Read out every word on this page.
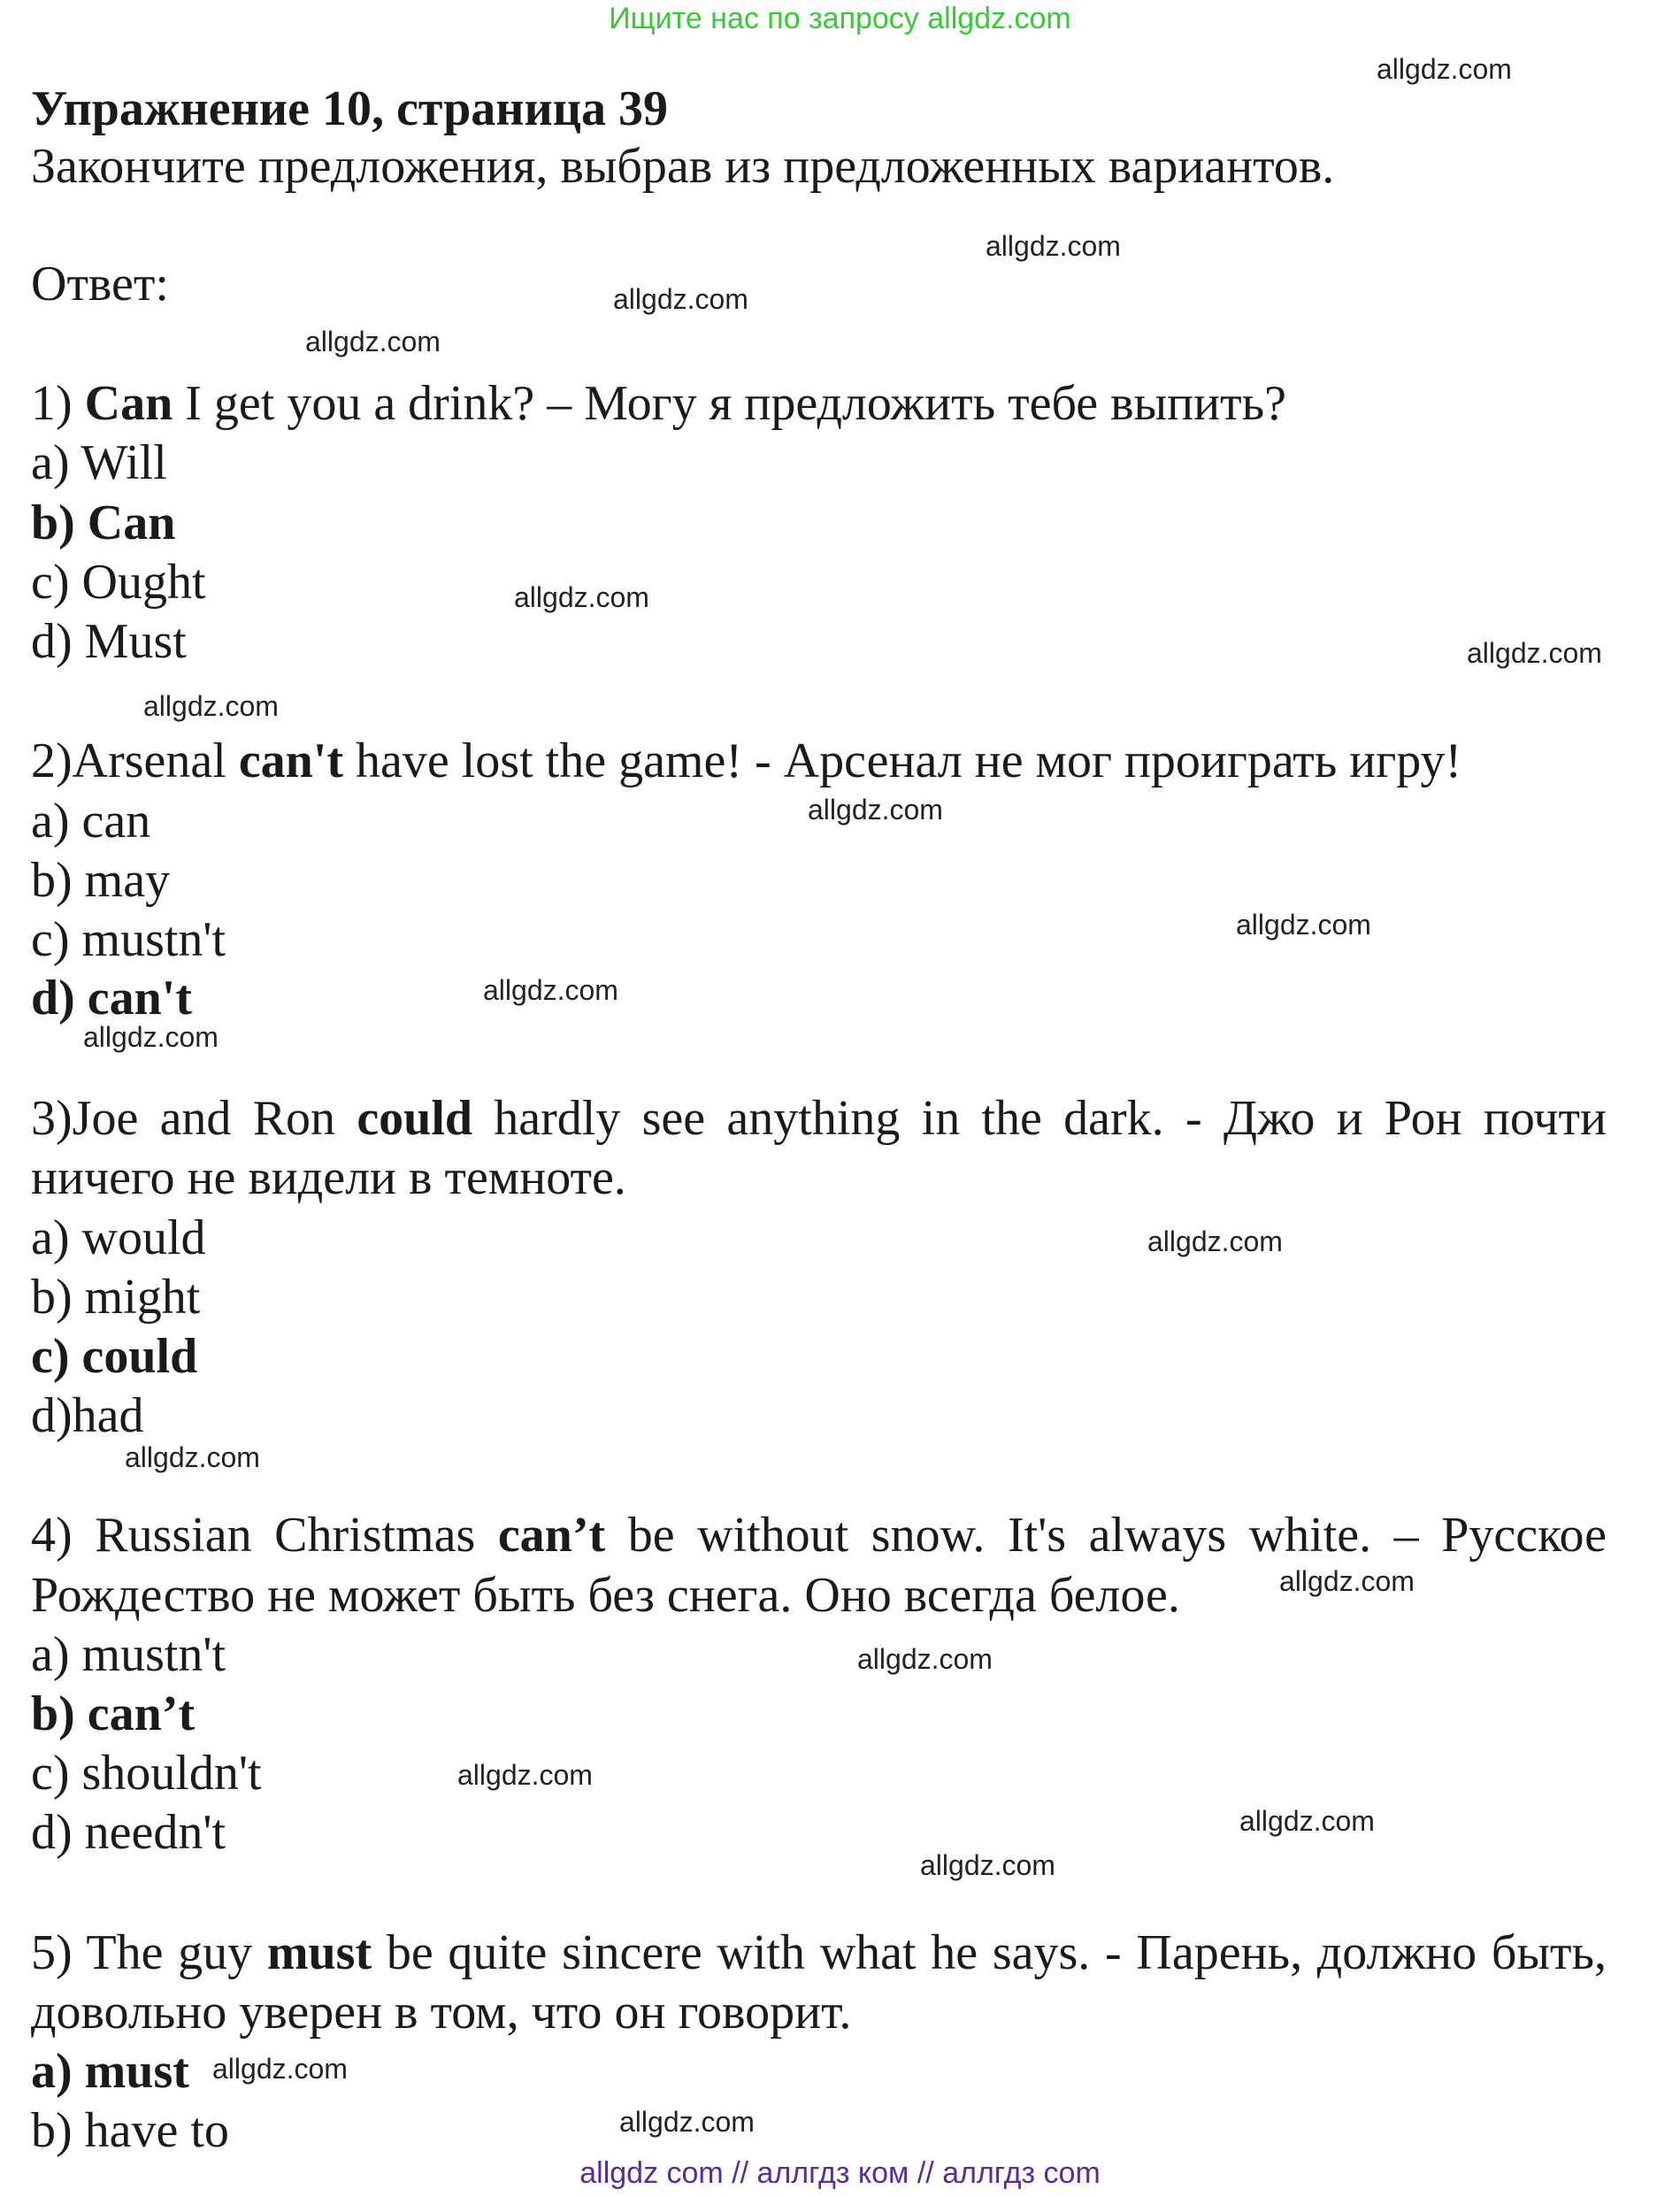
Ищите нас по запросу allgdz.com
Упражнение 10, страница 39
Закончите предложения, выбрав из предложенных вариантов.
Ответ:
1) Can I get you a drink? – Могу я предложить тебе выпить?
a) Will
b) Can
c) Ought
d) Must
2)Arsenal can't have lost the game! - Арсенал не мог проиграть игру!
a) can
b) may
c) mustn't
d) can't
3)Joe and Ron could hardly see anything in the dark. - Джо и Рон почти
ничего не видели в темноте.
a) would
b) might
c) could
d)had
4) Russian Christmas can’t be without snow. It's always white. – Русское
Рождество не может быть без снега. Оно всегда белое.
a) mustn't
b) can’t
c) shouldn't
d) needn't
5) The guy must be quite sincere with what he says. - Парень, должно быть,
довольно уверен в том, что он говорит.
a) must
b) have to
allgdz.com
allgdz.com
allgdz.com
allgdz.com
allgdz.com
allgdz.com
allgdz.com
allgdz.com
allgdz.com
allgdz.com
allgdz.com
allgdz.com
allgdz.com
allgdz.com
allgdz.com
allgdz.com
allgdz.com
allgdz.com
allgdz.com
allgdz.com
allgdz com // аллгдз ком // аллгдз com
